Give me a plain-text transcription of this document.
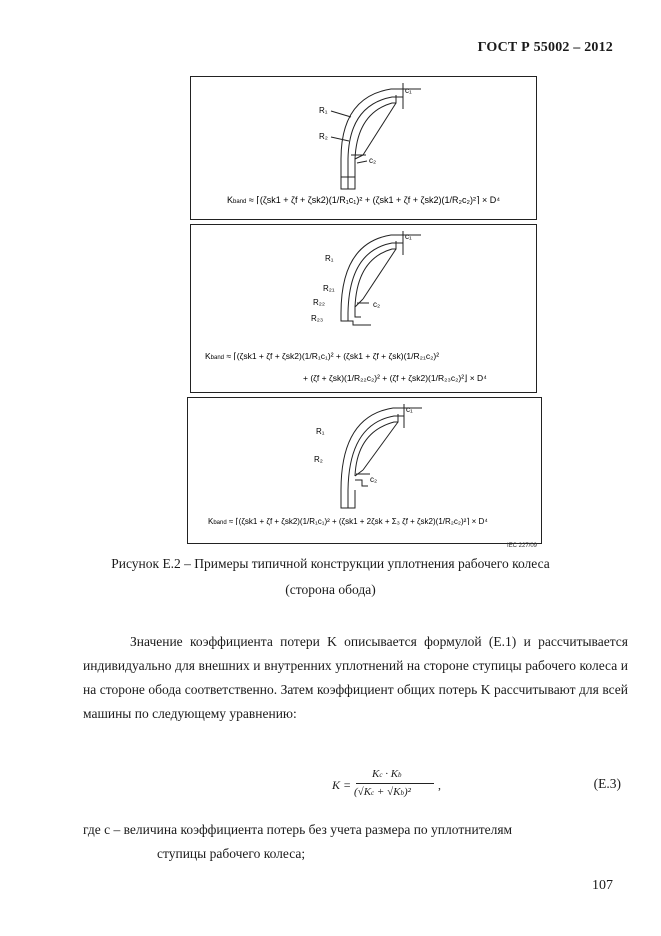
ГОСТ Р 55002 – 2012
c₁
R₁
R₂
c₂
Kband ≈ ⌈(ζsk1 + ζf + ζsk2)(1/R₁c₁)² + (ζsk1 + ζf + ζsk2)(1/R₂c₂)²⌉ × D⁴
c₁
R₁
R₂₁
R₂₂
R₂₃
c₂
Kband ≈ ⌈(ζsk1 + ζf + ζsk2)(1/R₁c₁)² + (ζsk1 + ζf + ζsk)(1/R₂₁c₂)²
+ (ζf + ζsk)(1/R₂₂c₂)² + (ζf + ζsk2)(1/R₂₃c₂)²⌋ × D⁴
c₁
R₁
R₂
c₂
Kband ≈ ⌈(ζsk1 + ζf + ζsk2)(1/R₁c₁)² + (ζsk1 + 2ζsk + Σ₃ ζf + ζsk2)(1/R₂c₂)²⌉ × D⁴
IEC 227/09
Рисунок Е.2 – Примеры типичной конструкции уплотнения рабочего колеса
(сторона обода)
Значение коэффициента потери K описывается формулой (Е.1) и рассчитывается индивидуально для внешних и внутренних уплотнений на стороне ступицы рабочего колеса и на стороне обода соответственно. Затем коэффициент общих потерь K рассчитывают для всей машины по следующему уравнению:
K =
Kc · Kb
(√Kc + √Kb)² ,	(Е.3)
где c – величина коэффициента потерь без учета размера по уплотнителям
ступицы рабочего колеса;
107
